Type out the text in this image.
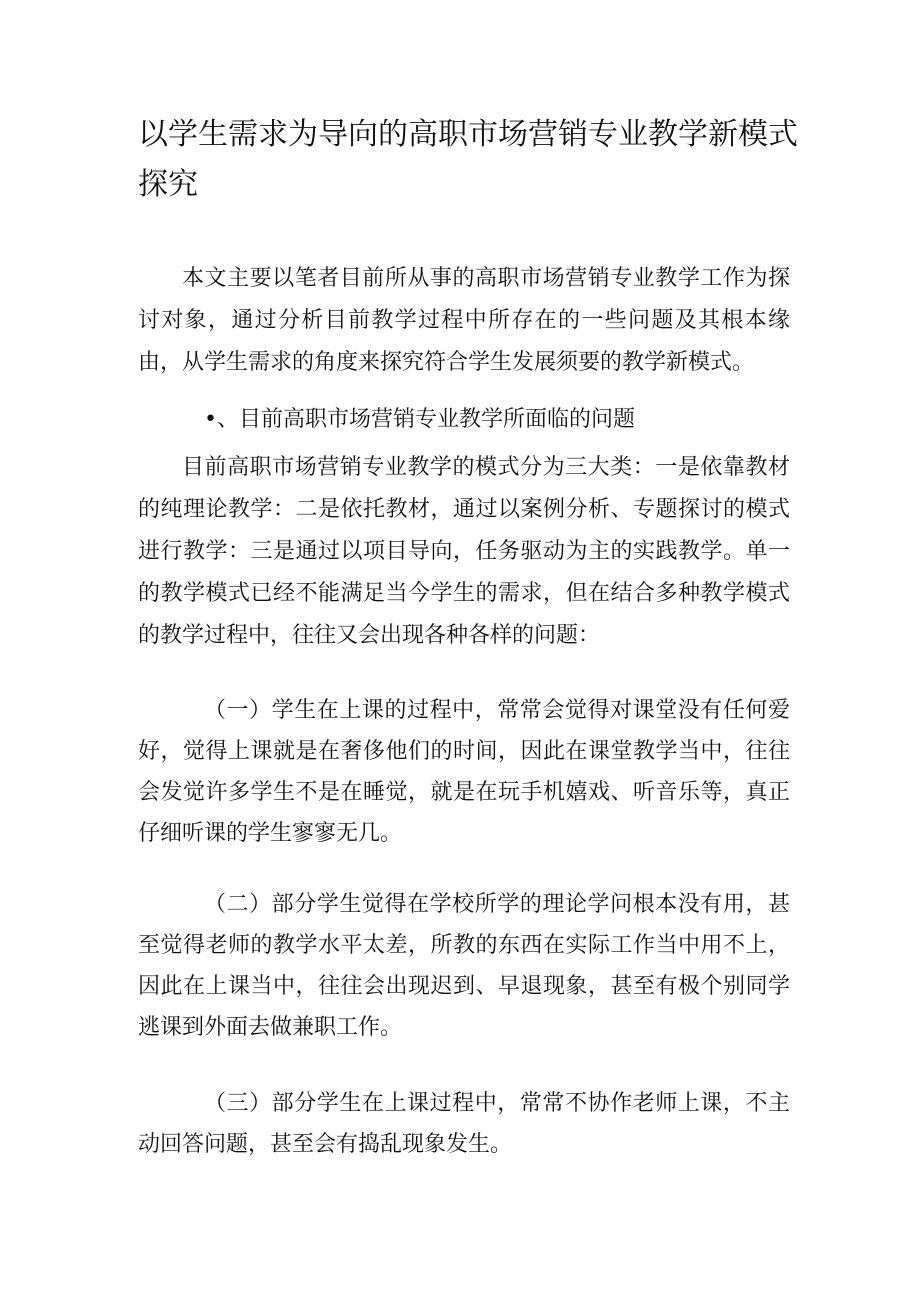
以学生需求为导向的高职市场营销专业教学新模式探究

本文主要以笔者目前所从事的高职市场营销专业教学工作为探讨对象，通过分析目前教学过程中所存在的一些问题及其根本缘由，从学生需求的角度来探究符合学生发展须要的教学新模式。

•、目前高职市场营销专业教学所面临的问题

目前高职市场营销专业教学的模式分为三大类：一是依靠教材的纯理论教学：二是依托教材，通过以案例分析、专题探讨的模式进行教学：三是通过以项目导向，任务驱动为主的实践教学。单一的教学模式已经不能满足当今学生的需求，但在结合多种教学模式的教学过程中，往往又会出现各种各样的问题：

（一）学生在上课的过程中，常常会觉得对课堂没有任何爱好，觉得上课就是在奢侈他们的时间，因此在课堂教学当中，往往会发觉许多学生不是在睡觉，就是在玩手机嬉戏、听音乐等，真正仔细听课的学生寥寥无几。

（二）部分学生觉得在学校所学的理论学问根本没有用，甚至觉得老师的教学水平太差，所教的东西在实际工作当中用不上，因此在上课当中，往往会出现迟到、早退现象，甚至有极个别同学逃课到外面去做兼职工作。

（三）部分学生在上课过程中，常常不协作老师上课，不主动回答问题，甚至会有捣乱现象发生。
